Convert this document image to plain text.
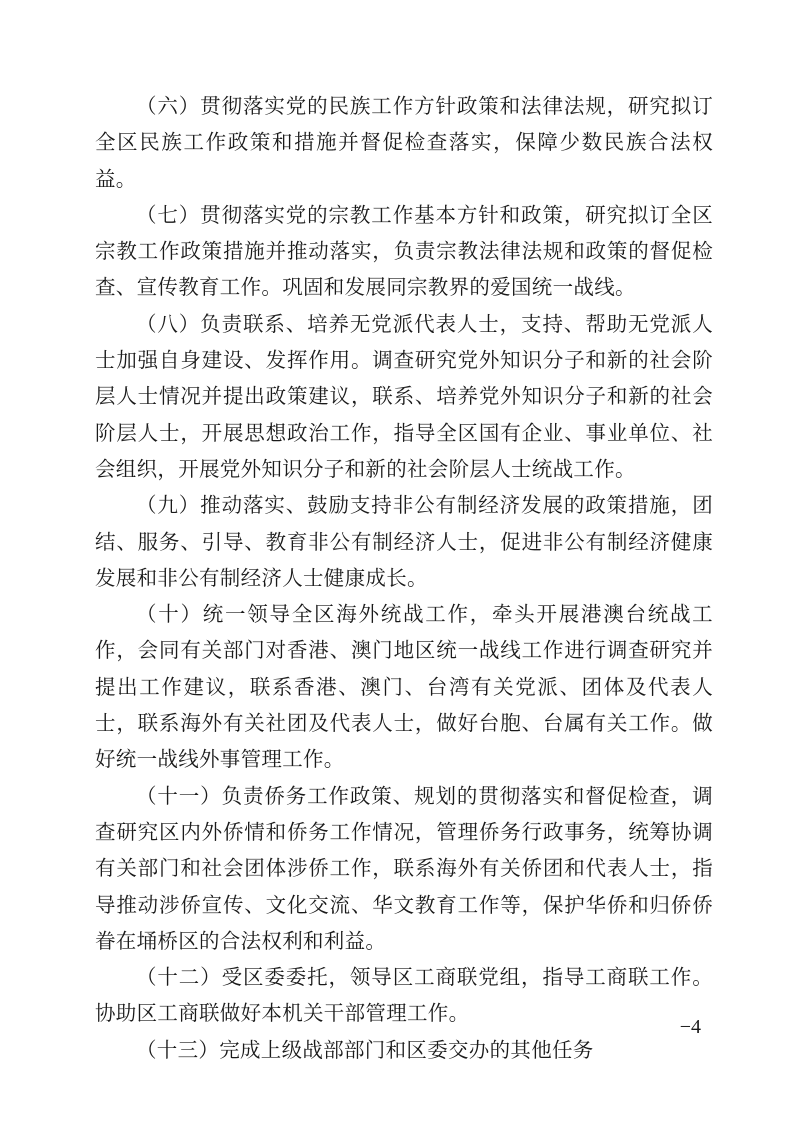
（六）贯彻落实党的民族工作方针政策和法律法规，研究拟订全区民族工作政策和措施并督促检查落实，保障少数民族合法权益。

（七）贯彻落实党的宗教工作基本方针和政策，研究拟订全区宗教工作政策措施并推动落实，负责宗教法律法规和政策的督促检查、宣传教育工作。巩固和发展同宗教界的爱国统一战线。

（八）负责联系、培养无党派代表人士，支持、帮助无党派人士加强自身建设、发挥作用。调查研究党外知识分子和新的社会阶层人士情况并提出政策建议，联系、培养党外知识分子和新的社会阶层人士，开展思想政治工作，指导全区国有企业、事业单位、社会组织，开展党外知识分子和新的社会阶层人士统战工作。

（九）推动落实、鼓励支持非公有制经济发展的政策措施，团结、服务、引导、教育非公有制经济人士，促进非公有制经济健康发展和非公有制经济人士健康成长。

（十）统一领导全区海外统战工作，牵头开展港澳台统战工作，会同有关部门对香港、澳门地区统一战线工作进行调查研究并提出工作建议，联系香港、澳门、台湾有关党派、团体及代表人士，联系海外有关社团及代表人士，做好台胞、台属有关工作。做好统一战线外事管理工作。

（十一）负责侨务工作政策、规划的贯彻落实和督促检查，调查研究区内外侨情和侨务工作情况，管理侨务行政事务，统筹协调有关部门和社会团体涉侨工作，联系海外有关侨团和代表人士，指导推动涉侨宣传、文化交流、华文教育工作等，保护华侨和归侨侨眷在埇桥区的合法权利和利益。

（十二）受区委委托，领导区工商联党组，指导工商联工作。协助区工商联做好本机关干部管理工作。

（十三）完成上级战部部门和区委交办的其他任务

−4
